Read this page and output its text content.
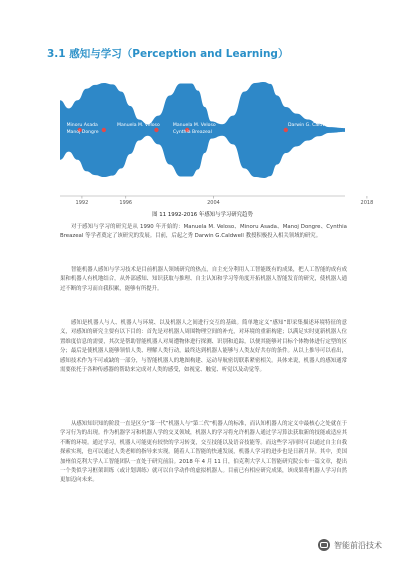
3.1 感知与学习（Perception and Learning）
Minoru Asada
Manoj Dongre
Manuela M. Veloso	Manuela M. Veloso
Cynthia Breazeal
Darwin G. Caldwell
1992	1996	2004	2018
图 11 1992-2016 年感知与学习研究趋势

对于感知与学习的研究是从 1990 年开始的：Manuela M. Veloso、Minoru Asada、Manoj Dongre、Cynthia Breazeal 等学者奠定了该研究的发展。目前，后起之秀 Darwin G.Caldwell 教授积极投入相关领域的研究。

智能机器人感知与学习技术是目前机器人领域研究的热点，自主充分利用人工智能既有的成果，把人工智能的成有成果和机器人有机地结合，从外部感知、知识获取与推理、自主认知和学习等角度开拓机器人智能发育的研究，使机器人通过不断的学习而自我积累，能够有所提升。

感知是机器人与人、机器人与环境、以及机器人之间进行交互的基础。简单地定义“感知”即采集描述环境特征的意义，对感知的研究主要有以下目的：首先是对机器人周围物理空间的补充，对环境的重新构建；以满足实时更新机器人位置维度信息的需要，其次是帮助智能机器人对周遭物体进行探测、识别和追踪，以便其能够对目标个体物体进行定型的区分；最后是使机器人能够领悟人类、理解人类行动，最终达到机器人能够与人类友好共存的条件。从以上推导可以看出，感知技术作为不可或缺的一部分，与智能机器人的地图构建、运动导航密切联系紧密相关。具体来说，机器人的感知通常需要依托于各种传感器的帮助来完成对人类的感受，如视觉、触觉、听觉以及动觉等。

从感知知识知的阶段一直是区分“第一代”机器人与“第二代”机器人的标准，而认知机器人的定义中最核心之处就在于学习行为的出现。作为机器学习和机器人学的交叉领域，机器人的学习将允许机器人通过学习算法获取新的技能或适应其不断的环境。通过学习，机器人可能更有较快的学习转变，交互技能以及语音技能等。而这些学习同时可以通过自主自我探索实现，也可以通过人类老师的指导来实现。随着人工智能的快速发展，机器人学习的进步也是日新月异。其中，美国加州伯克利大学人工智能团队一直处于研究前沿。2018 年 4 月 11 日，伯克利大学人工智能研究院公布一篇文章，提出一个类似学习框架训练（或计划训练）就可以自学动作的虚拟机器人。目前已有相应研究成果，该成果将机器人学习自然更加迈向未来。

智能前沿技术
